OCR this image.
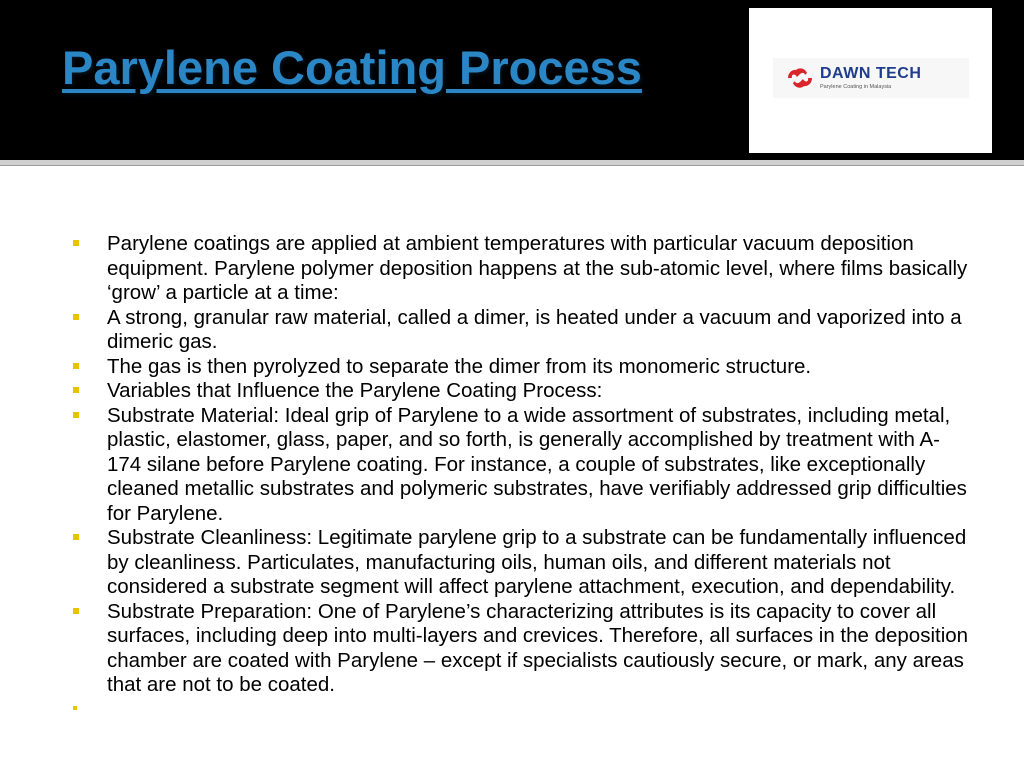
Parylene Coating Process	DAWN TECH
Parylene Coating in Malaysia
Parylene coatings are applied at ambient temperatures with particular vacuum deposition equipment. Parylene polymer deposition happens at the sub-atomic level, where films basically ‘grow’ a particle at a time:
A strong, granular raw material, called a dimer, is heated under a vacuum and vaporized into a dimeric gas.
The gas is then pyrolyzed to separate the dimer from its monomeric structure.
Variables that Influence the Parylene Coating Process:
Substrate Material: Ideal grip of Parylene to a wide assortment of substrates, including metal, plastic, elastomer, glass, paper, and so forth, is generally accomplished by treatment with A-174 silane before Parylene coating. For instance, a couple of substrates, like exceptionally cleaned metallic substrates and polymeric substrates, have verifiably addressed grip difficulties for Parylene.
Substrate Cleanliness: Legitimate parylene grip to a substrate can be fundamentally influenced by cleanliness. Particulates, manufacturing oils, human oils, and different materials not considered a substrate segment will affect parylene attachment, execution, and dependability.
Substrate Preparation: One of Parylene’s characterizing attributes is its capacity to cover all surfaces, including deep into multi-layers and crevices. Therefore, all surfaces in the deposition chamber are coated with Parylene – except if specialists cautiously secure, or mark, any areas that are not to be coated.
